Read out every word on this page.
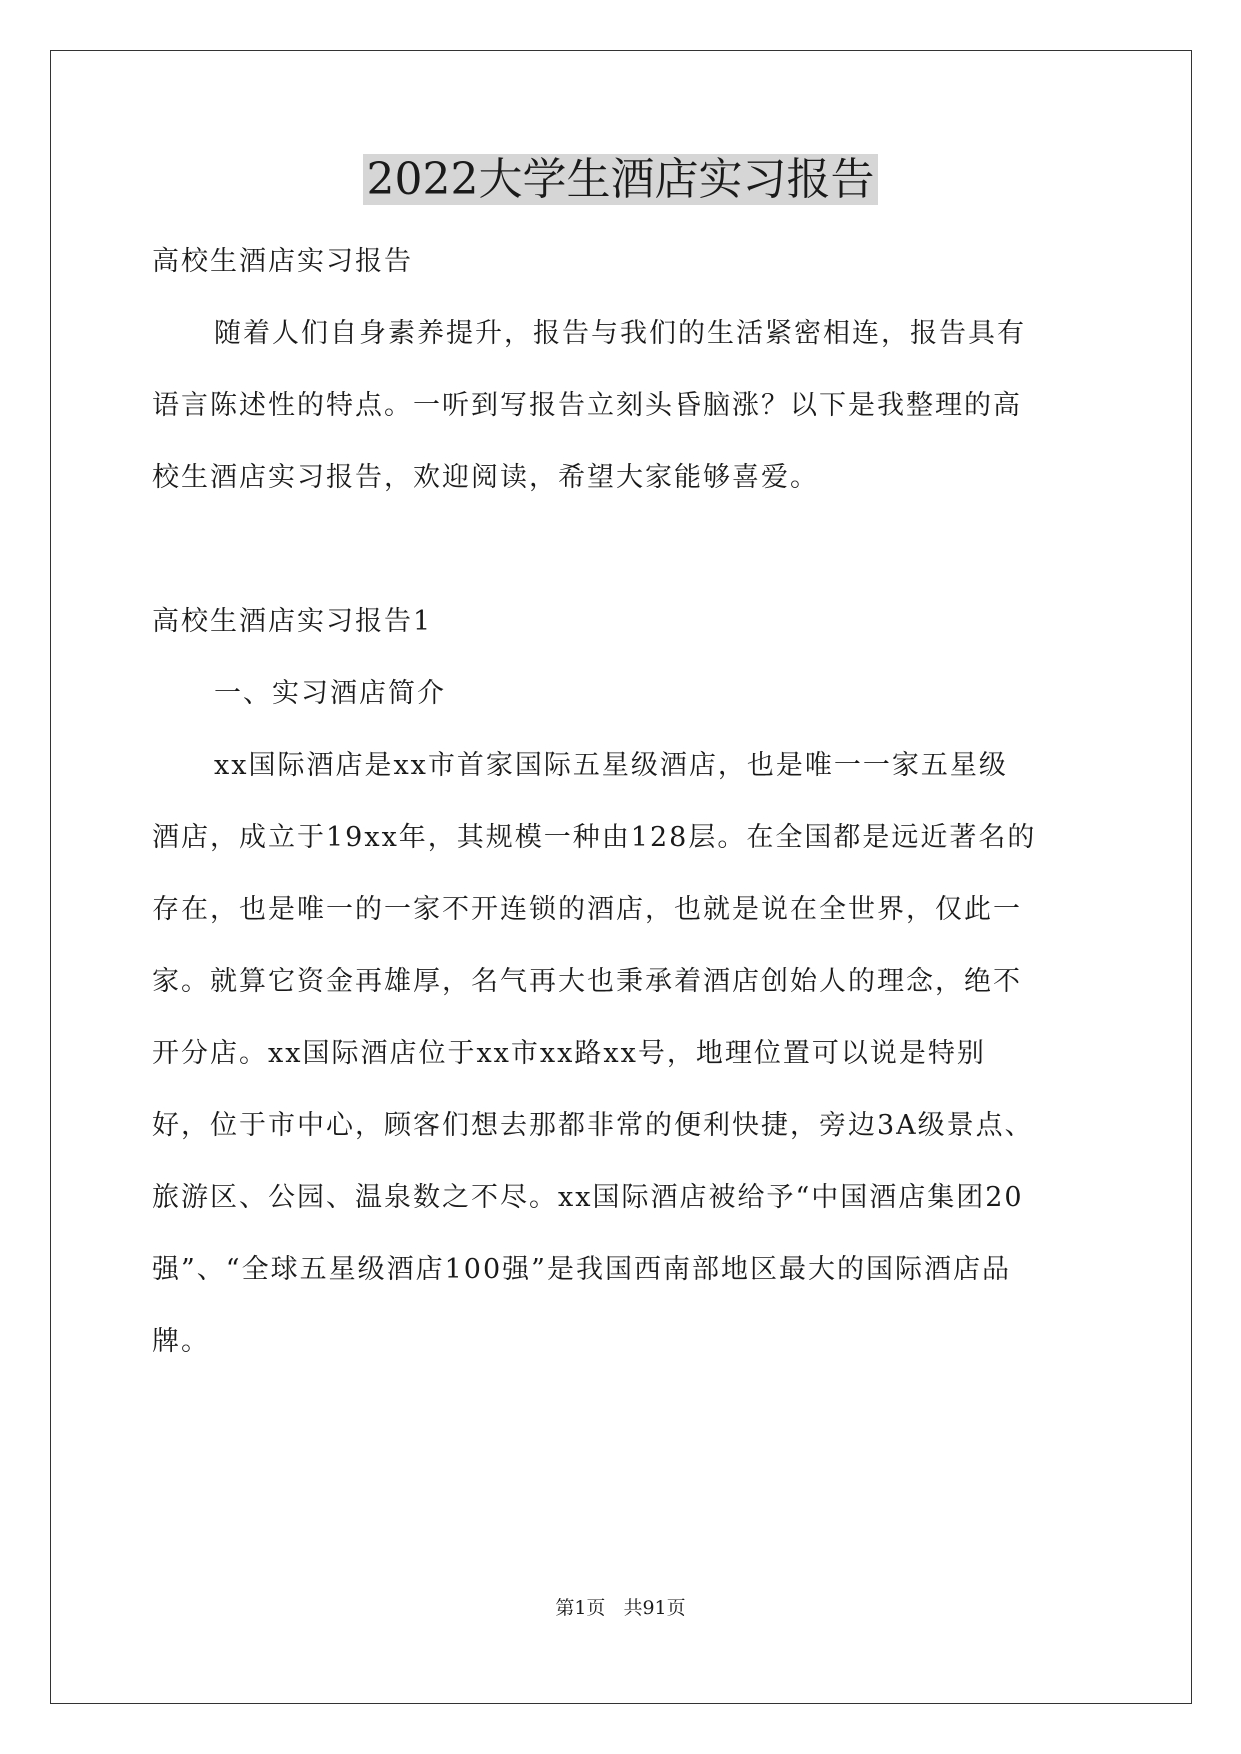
2022大学生酒店实习报告
高校生酒店实习报告
随着人们自身素养提升，报告与我们的生活紧密相连，报告具有
语言陈述性的特点。一听到写报告立刻头昏脑涨？以下是我整理的高
校生酒店实习报告，欢迎阅读，希望大家能够喜爱。
高校生酒店实习报告1
一、实习酒店简介
xx国际酒店是xx市首家国际五星级酒店，也是唯一一家五星级
酒店，成立于19xx年，其规模一种由128层。在全国都是远近著名的
存在，也是唯一的一家不开连锁的酒店，也就是说在全世界，仅此一
家。就算它资金再雄厚，名气再大也秉承着酒店创始人的理念，绝不
开分店。xx国际酒店位于xx市xx路xx号，地理位置可以说是特别
好，位于市中心，顾客们想去那都非常的便利快捷，旁边3A级景点、
旅游区、公园、温泉数之不尽。xx国际酒店被给予“中国酒店集团20
强”、“全球五星级酒店100强”是我国西南部地区最大的国际酒店品
牌。
第1页 共91页
